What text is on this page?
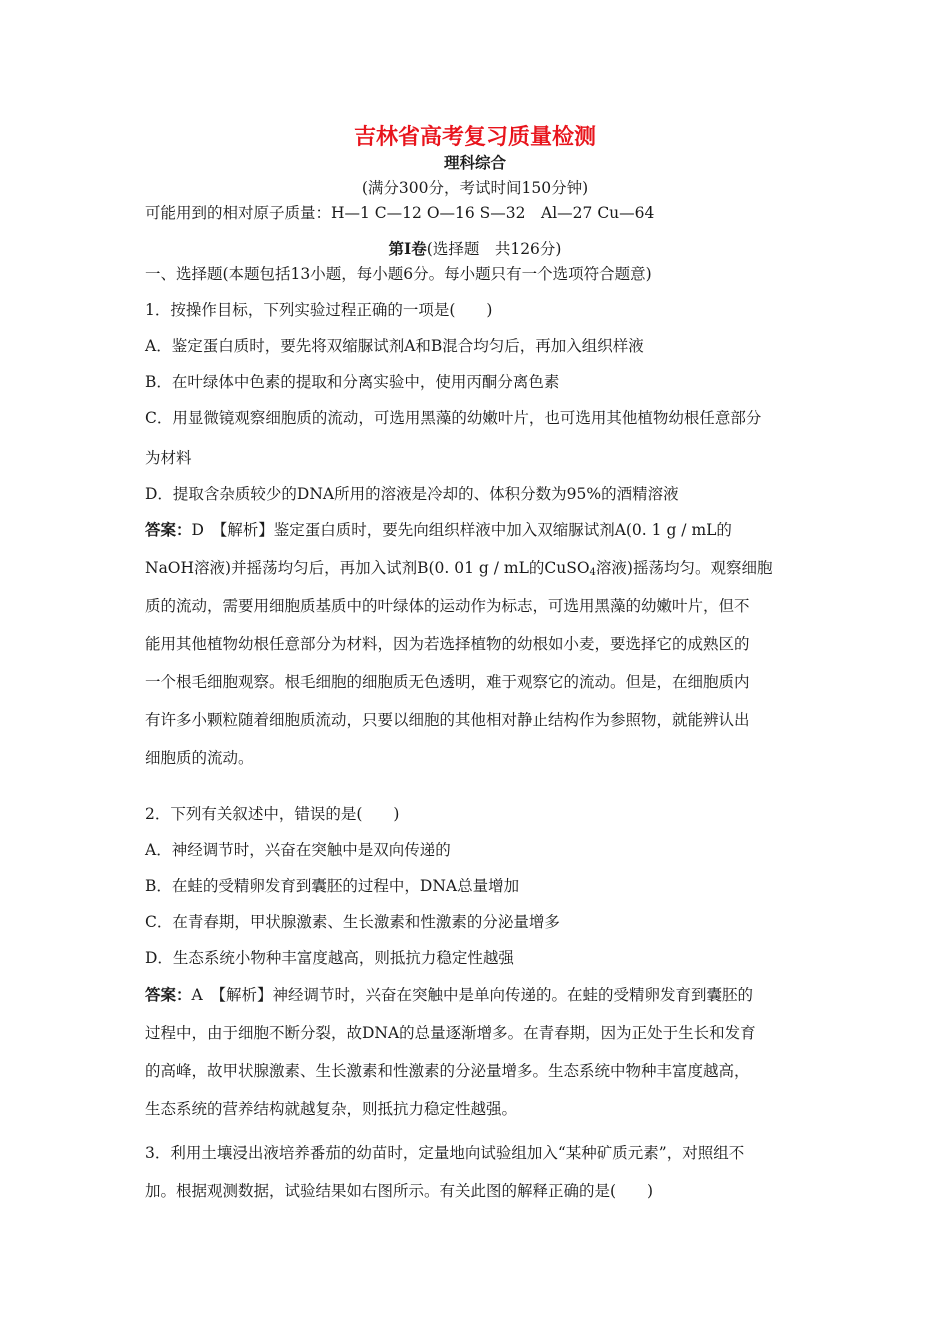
吉林省高考复习质量检测
理科综合
(满分300分，考试时间150分钟)
可能用到的相对原子质量：H—1 C—12 O—16 S—32　Al—27 Cu—64
第Ⅰ卷(选择题　共126分)
一、选择题(本题包括13小题，每小题6分。每小题只有一个选项符合题意)
1．按操作目标，下列实验过程正确的一项是(　　)
A．鉴定蛋白质时，要先将双缩脲试剂A和B混合均匀后，再加入组织样液
B．在叶绿体中色素的提取和分离实验中，使用丙酮分离色素
C．用显微镜观察细胞质的流动，可选用黑藻的幼嫩叶片，也可选用其他植物幼根任意部分
为材料
D．提取含杂质较少的DNA所用的溶液是冷却的、体积分数为95%的酒精溶液
答案：D　【解析】鉴定蛋白质时，要先向组织样液中加入双缩脲试剂A(0. 1 g / mL的
NaOH溶液)并摇荡均匀后，再加入试剂B(0. 01 g / mL的CuSO$_4$溶液)摇荡均匀。观察细胞
质的流动，需要用细胞质基质中的叶绿体的运动作为标志，可选用黑藻的幼嫩叶片，但不
能用其他植物幼根任意部分为材料，因为若选择植物的幼根如小麦，要选择它的成熟区的
一个根毛细胞观察。根毛细胞的细胞质无色透明，难于观察它的流动。但是，在细胞质内
有许多小颗粒随着细胞质流动，只要以细胞的其他相对静止结构作为参照物，就能辨认出
细胞质的流动。
2．下列有关叙述中，错误的是(　　)
A．神经调节时，兴奋在突触中是双向传递的
B．在蛙的受精卵发育到囊胚的过程中，DNA总量增加
C．在青春期，甲状腺激素、生长激素和性激素的分泌量增多
D．生态系统小物种丰富度越高，则抵抗力稳定性越强
答案：A　【解析】神经调节时，兴奋在突触中是单向传递的。在蛙的受精卵发育到囊胚的
过程中，由于细胞不断分裂，故DNA的总量逐渐增多。在青春期，因为正处于生长和发育
的高峰，故甲状腺激素、生长激素和性激素的分泌量增多。生态系统中物种丰富度越高，
生态系统的营养结构就越复杂，则抵抗力稳定性越强。
3．利用土壤浸出液培养番茄的幼苗时，定量地向试验组加入“某种矿质元素”，对照组不
加。根据观测数据，试验结果如右图所示。有关此图的解释正确的是(　　)
